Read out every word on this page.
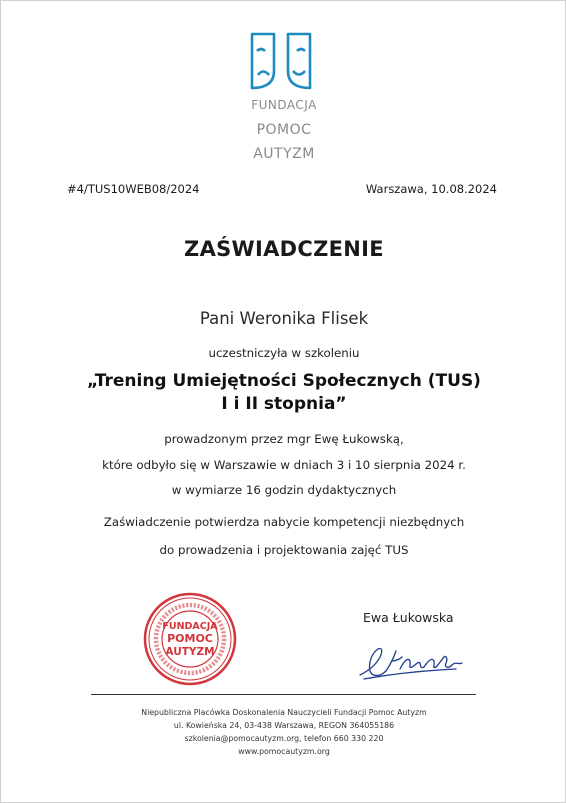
FUNDACJA
POMOC
AUTYZM
#4/TUS10WEB08/2024	Warszawa, 10.08.2024
ZAŚWIADCZENIE
Pani Weronika Flisek
uczestniczyła w szkoleniu
„Trening Umiejętności Społecznych (TUS)
I i II stopnia”
prowadzonym przez mgr Ewę Łukowską,
które odbyło się w Warszawie w dniach 3 i 10 sierpnia 2024 r.
w wymiarze 16 godzin dydaktycznych
Zaświadczenie potwierdza nabycie kompetencji niezbędnych
do prowadzenia i projektowania zajęć TUS
FUNDACJA
POMOC
AUTYZM
Ewa Łukowska
Niepubliczna Placówka Doskonalenia Nauczycieli Fundacji Pomoc Autyzm
ul. Kowieńska 24, 03-438 Warszawa, REGON 364055186
szkolenia@pomocautyzm.org, telefon 660 330 220
www.pomocautyzm.org
